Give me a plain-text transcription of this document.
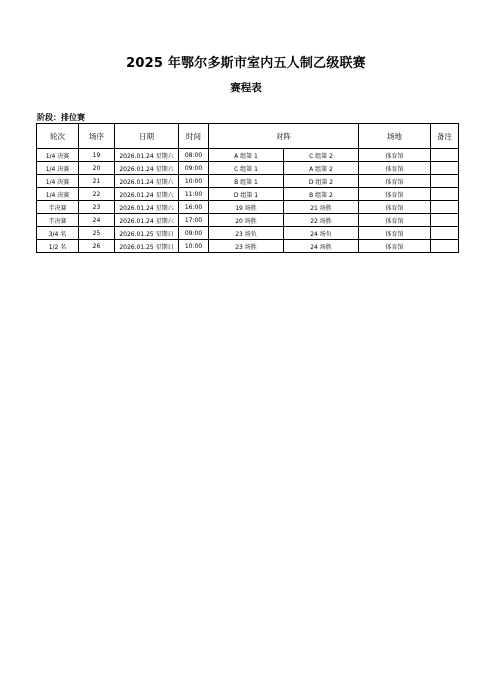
2025 年鄂尔多斯市室内五人制乙级联赛
赛程表
阶段：排位赛
轮次	场序	日期	时间	对阵		场地	备注
1/4 决赛	19	2026.01.24 星期六	08:00	A 组第 1	C 组第 2	体育馆	
1/4 决赛	20	2026.01.24 星期六	09:00	C 组第 1	A 组第 2	体育馆	
1/4 决赛	21	2026.01.24 星期六	10:00	B 组第 1	D 组第 2	体育馆	
1/4 决赛	22	2026.01.24 星期六	11:00	D 组第 1	B 组第 2	体育馆	
半决赛	23	2026.01.24 星期六	16:00	19 场胜	21 场胜	体育馆	
半决赛	24	2026.01.24 星期六	17:00	20 场胜	22 场胜	体育馆	
3/4 名	25	2026.01.25 星期日	09:00	23 场负	24 场负	体育馆	
1/2 名	26	2026.01.25 星期日	10:00	23 场胜	24 场胜	体育馆	
